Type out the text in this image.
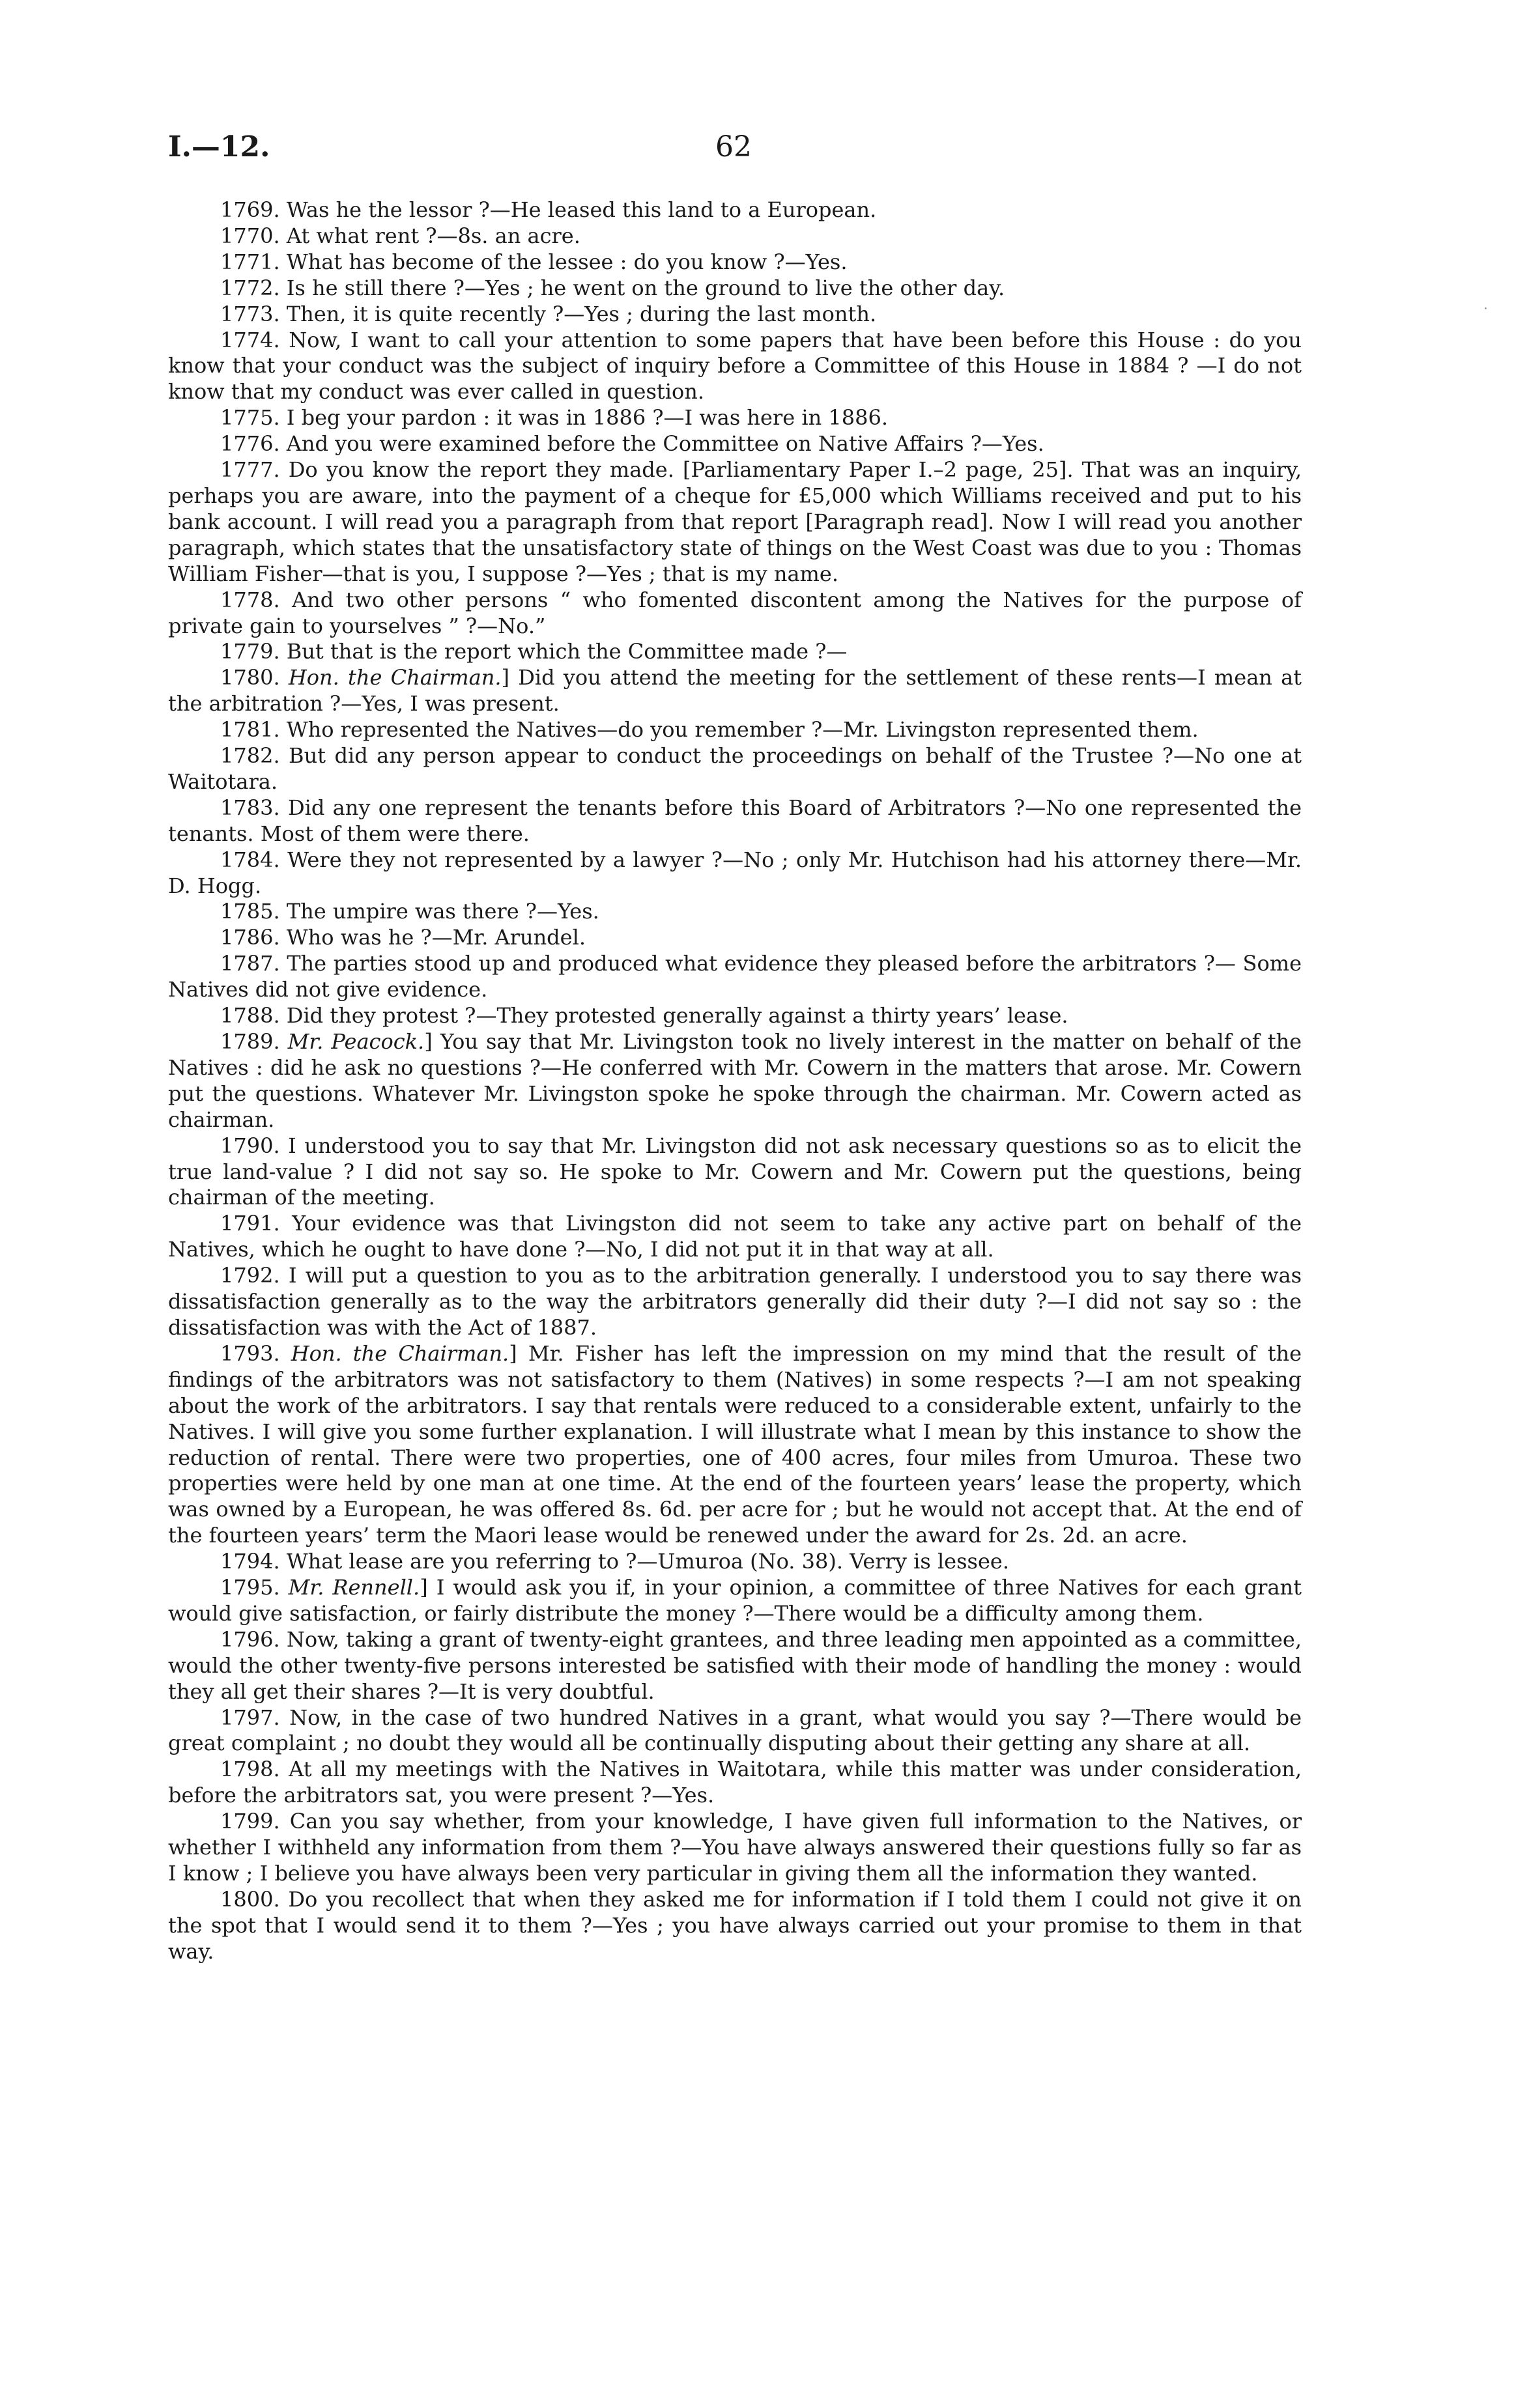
I.—12.	62

1769. Was he the lessor ?—He leased this land to a European.

1770. At what rent ?—8s. an acre.

1771. What has become of the lessee : do you know ?—Yes.

1772. Is he still there ?—Yes ; he went on the ground to live the other day.

1773. Then, it is quite recently ?—Yes ; during the last month.

1774. Now, I want to call your attention to some papers that have been before this House : do you know that your conduct was the subject of inquiry before a Committee of this House in 1884 ? —I do not know that my conduct was ever called in question.

1775. I beg your pardon : it was in 1886 ?—I was here in 1886.

1776. And you were examined before the Committee on Native Affairs ?—Yes.

1777. Do you know the report they made. [Parliamentary Paper I.–2 page, 25]. That was an inquiry, perhaps you are aware, into the payment of a cheque for £5,000 which Williams received and put to his bank account. I will read you a paragraph from that report [Paragraph read]. Now I will read you another paragraph, which states that the unsatisfactory state of things on the West Coast was due to you : Thomas William Fisher—that is you, I suppose ?—Yes ; that is my name.

1778. And two other persons “ who fomented discontent among the Natives for the purpose of private gain to yourselves ” ?—No.”

1779. But that is the report which the Committee made ?—

1780. Hon. the Chairman.] Did you attend the meeting for the settlement of these rents—I mean at the arbitration ?—Yes, I was present.

1781. Who represented the Natives—do you remember ?—Mr. Livingston represented them.

1782. But did any person appear to conduct the proceedings on behalf of the Trustee ?—No one at Waitotara.

1783. Did any one represent the tenants before this Board of Arbitrators ?—No one represented the tenants. Most of them were there.

1784. Were they not represented by a lawyer ?—No ; only Mr. Hutchison had his attorney there—Mr. D. Hogg.

1785. The umpire was there ?—Yes.

1786. Who was he ?—Mr. Arundel.

1787. The parties stood up and produced what evidence they pleased before the arbitrators ?— Some Natives did not give evidence.

1788. Did they protest ?—They protested generally against a thirty years’ lease.

1789. Mr. Peacock.] You say that Mr. Livingston took no lively interest in the matter on behalf of the Natives : did he ask no questions ?—He conferred with Mr. Cowern in the matters that arose. Mr. Cowern put the questions. Whatever Mr. Livingston spoke he spoke through the chairman. Mr. Cowern acted as chairman.

1790. I understood you to say that Mr. Livingston did not ask necessary questions so as to elicit the true land-value ? I did not say so. He spoke to Mr. Cowern and Mr. Cowern put the questions, being chairman of the meeting.

1791. Your evidence was that Livingston did not seem to take any active part on behalf of the Natives, which he ought to have done ?—No, I did not put it in that way at all.

1792. I will put a question to you as to the arbitration generally. I understood you to say there was dissatisfaction generally as to the way the arbitrators generally did their duty ?—I did not say so : the dissatisfaction was with the Act of 1887.

1793. Hon. the Chairman.] Mr. Fisher has left the impression on my mind that the result of the findings of the arbitrators was not satisfactory to them (Natives) in some respects ?—I am not speaking about the work of the arbitrators. I say that rentals were reduced to a considerable extent, unfairly to the Natives. I will give you some further explanation. I will illustrate what I mean by this instance to show the reduction of rental. There were two properties, one of 400 acres, four miles from Umuroa. These two properties were held by one man at one time. At the end of the fourteen years’ lease the property, which was owned by a European, he was offered 8s. 6d. per acre for ; but he would not accept that. At the end of the fourteen years’ term the Maori lease would be renewed under the award for 2s. 2d. an acre.

1794. What lease are you referring to ?—Umuroa (No. 38). Verry is lessee.

1795. Mr. Rennell.] I would ask you if, in your opinion, a committee of three Natives for each grant would give satisfaction, or fairly distribute the money ?—There would be a difficulty among them.

1796. Now, taking a grant of twenty-eight grantees, and three leading men appointed as a committee, would the other twenty-five persons interested be satisfied with their mode of handling the money : would they all get their shares ?—It is very doubtful.

1797. Now, in the case of two hundred Natives in a grant, what would you say ?—There would be great complaint ; no doubt they would all be continually disputing about their getting any share at all.

1798. At all my meetings with the Natives in Waitotara, while this matter was under consideration, before the arbitrators sat, you were present ?—Yes.

1799. Can you say whether, from your knowledge, I have given full information to the Natives, or whether I withheld any information from them ?—You have always answered their questions fully so far as I know ; I believe you have always been very particular in giving them all the information they wanted.

1800. Do you recollect that when they asked me for information if I told them I could not give it on the spot that I would send it to them ?—Yes ; you have always carried out your promise to them in that way.

˙
